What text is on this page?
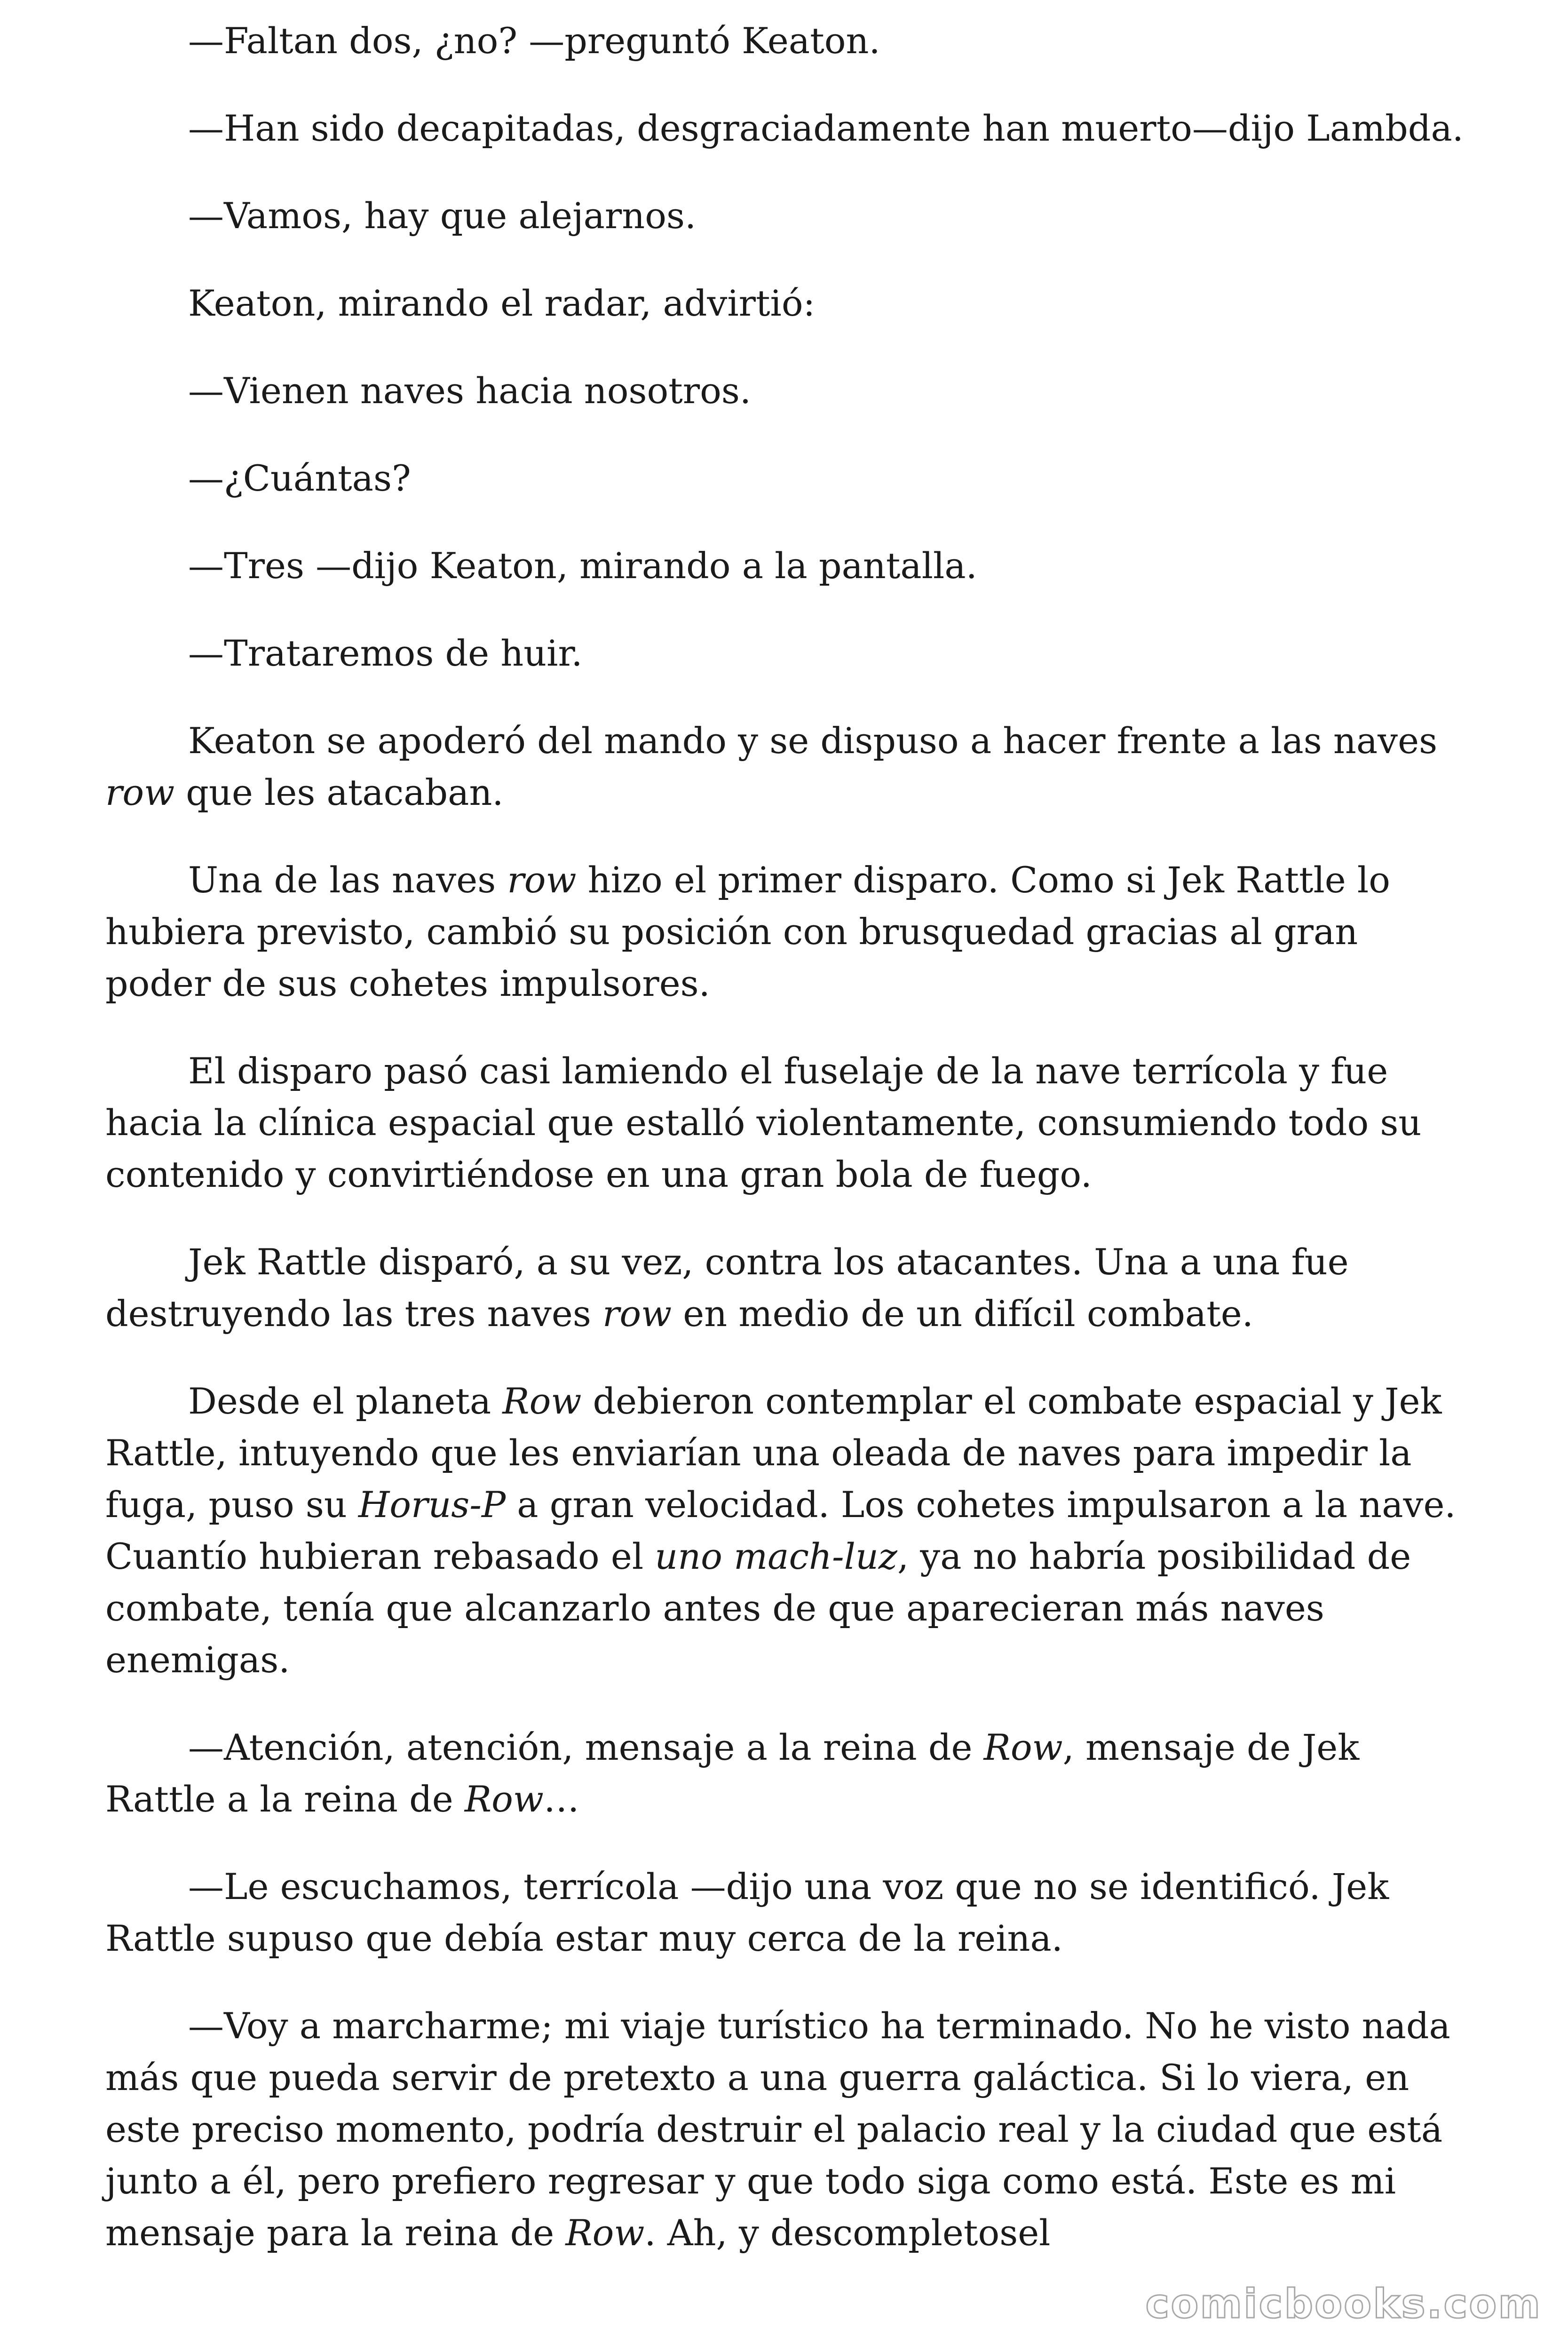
—Faltan dos, ¿no? —preguntó Keaton.

—Han sido decapitadas, desgraciadamente han muerto—dijo Lambda.

—Vamos, hay que alejarnos.

Keaton, mirando el radar, advirtió:

—Vienen naves hacia nosotros.

—¿Cuántas?

—Tres —dijo Keaton, mirando a la pantalla.

—Trataremos de huir.

Keaton se apoderó del mando y se dispuso a hacer frente a las naves row que les atacaban.

Una de las naves row hizo el primer disparo. Como si Jek Rattle lo hubiera previsto, cambió su posición con brusquedad gracias al gran poder de sus cohetes impulsores.

El disparo pasó casi lamiendo el fuselaje de la nave terrícola y fue hacia la clínica espacial que estalló violentamente, consumiendo todo su contenido y convirtiéndose en una gran bola de fuego.

Jek Rattle disparó, a su vez, contra los atacantes. Una a una fue destruyendo las tres naves row en medio de un difícil combate.

Desde el planeta Row debieron contemplar el combate espacial y Jek Rattle, intuyendo que les enviarían una oleada de naves para impedir la fuga, puso su Horus-P a gran velocidad. Los cohetes impulsaron a la nave. Cuantío hubieran rebasado el uno mach-luz, ya no habría posibilidad de combate, tenía que alcanzarlo antes de que aparecieran más naves enemigas.

—Atención, atención, mensaje a la reina de Row, mensaje de Jek Rattle a la reina de Row…

—Le escuchamos, terrícola —dijo una voz que no se identificó. Jek Rattle supuso que debía estar muy cerca de la reina.

—Voy a marcharme; mi viaje turístico ha terminado. No he visto nada más que pueda servir de pretexto a una guerra galáctica. Si lo viera, en este preciso momento, podría destruir el palacio real y la ciudad que está junto a él, pero prefiero regresar y que todo siga como está. Este es mi mensaje para la reina de Row. Ah, y descompletosel

comicbooks.com
